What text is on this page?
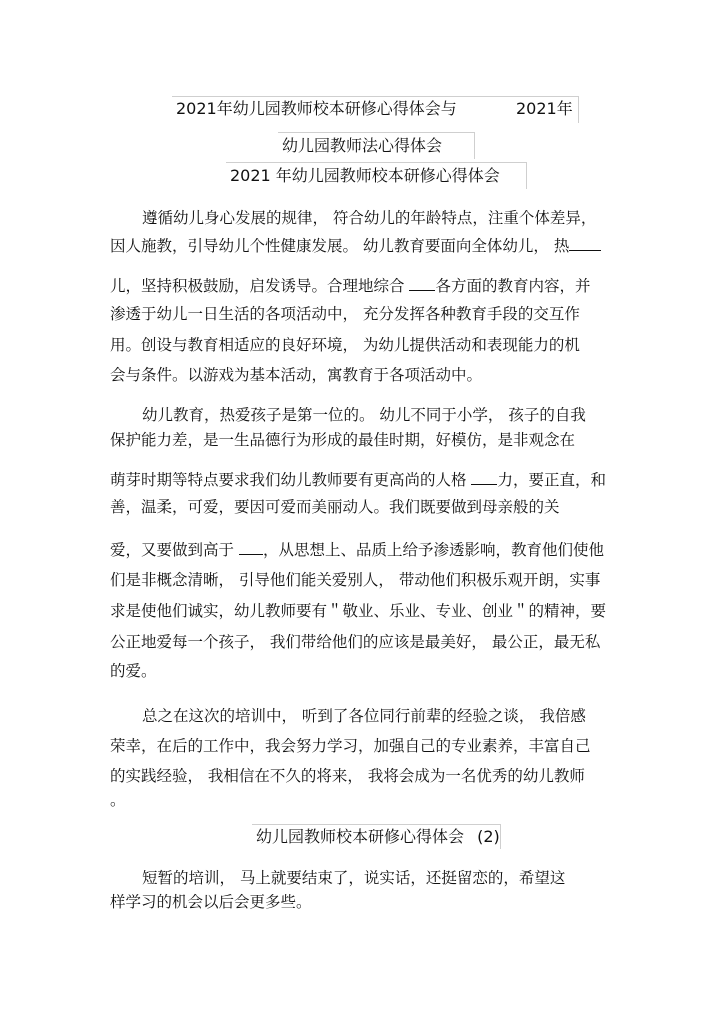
2021年幼儿园教师校本研修心得体会与	2021年
幼儿园教师法心得体会
2021 年幼儿园教师校本研修心得体会
遵循幼儿身心发展的规律， 符合幼儿的年龄特点，注重个体差异，
因人施教，引导幼儿个性健康发展。 幼儿教育要面向全体幼儿， 热
儿，坚持积极鼓励，启发诱导。合理地综合 各方面的教育内容，并
渗透于幼儿一日生活的各项活动中， 充分发挥各种教育手段的交互作
用。创设与教育相适应的良好环境， 为幼儿提供活动和表现能力的机
会与条件。以游戏为基本活动，寓教育于各项活动中。
幼儿教育，热爱孩子是第一位的。 幼儿不同于小学， 孩子的自我
保护能力差，是一生品德行为形成的最佳时期，好模仿，是非观念在
萌芽时期等特点要求我们幼儿教师要有更高尚的人格 力，要正直，和
善，温柔，可爱，要因可爱而美丽动人。我们既要做到母亲般的关
爱，又要做到高于 ，从思想上、品质上给予渗透影响，教育他们使他
们是非概念清晰， 引导他们能关爱别人， 带动他们积极乐观开朗，实事
求是使他们诚实，幼儿教师要有＂敬业、乐业、专业、创业＂的精神，要
公正地爱每一个孩子， 我们带给他们的应该是最美好， 最公正，最无私
的爱。
总之在这次的培训中， 听到了各位同行前辈的经验之谈， 我倍感
荣幸，在后的工作中，我会努力学习，加强自己的专业素养，丰富自己
的实践经验， 我相信在不久的将来， 我将会成为一名优秀的幼儿教师
。
幼儿园教师校本研修心得体会 (2)
短暂的培训， 马上就要结束了，说实话，还挺留恋的，希望这
样学习的机会以后会更多些。
